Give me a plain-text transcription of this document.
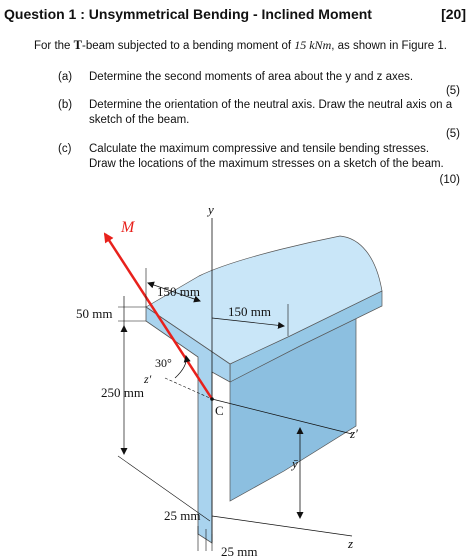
Question 1 : Unsymmetrical Bending - Inclined Moment	[20]
For the T-beam subjected to a bending moment of 15 kNm, as shown in Figure 1.
(a) Determine the second moments of area about the y and z axes.
(5)
(b) Determine the orientation of the neutral axis. Draw the neutral axis on a sketch of the beam.
(5)
(c) Calculate the maximum compressive and tensile bending stresses. Draw the locations of the maximum stresses on a sketch of the beam.
(10)
y
z′
z
ȳ
M
C
150 mm
150 mm
50 mm
30°
z′
250 mm
25 mm
25 mm
